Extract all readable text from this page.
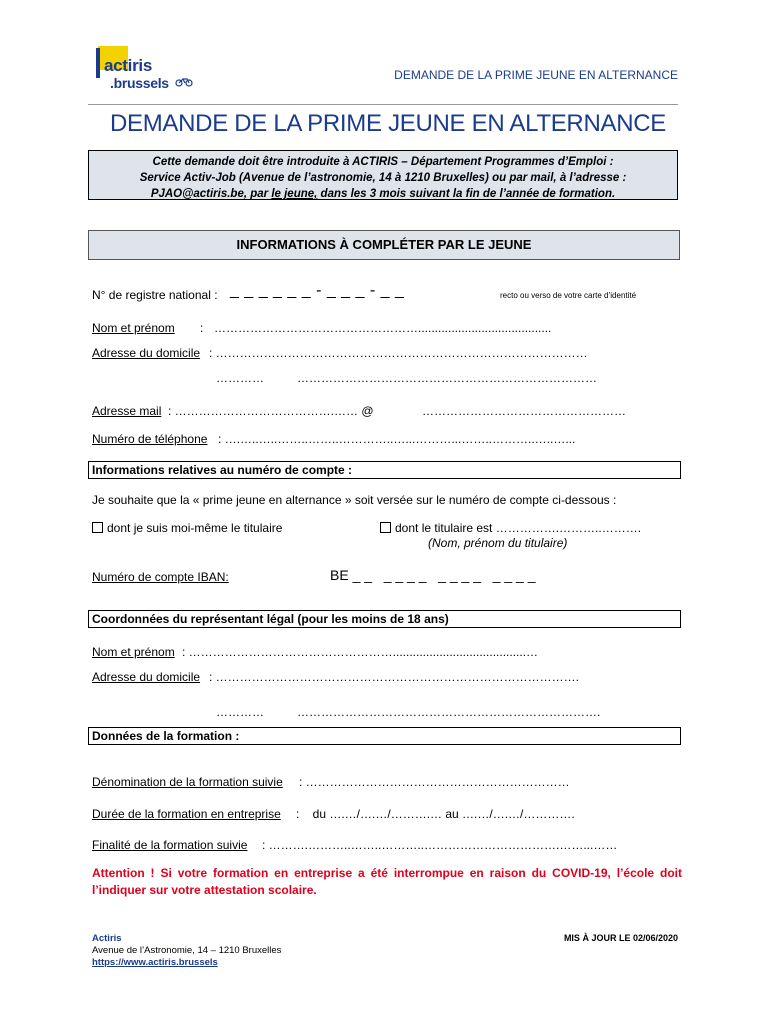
actiris
.brussels	DEMANDE DE LA PRIME JEUNE EN ALTERNANCE
DEMANDE DE LA PRIME JEUNE EN ALTERNANCE
Cette demande doit être introduite à ACTIRIS – Département Programmes d’Emploi :
Service Activ-Job (Avenue de l’astronomie, 14 à 1210 Bruxelles) ou par mail, à l’adresse :
PJAO@actiris.be, par le jeune, dans les 3 mois suivant la fin de l’année de formation.
INFORMATIONS À COMPLÉTER PAR LE JEUNE
N° de registre national : _ _ _ _ _ _ - _ _ _ - _ _	recto ou verso de votre carte d’identité
Nom et prénom : ……………………………………………........................................
Adresse du domicile : …………………………………………………………………………………
…………	…………………………………………………………………
Adresse mail : ………………………………….…… @	……………………………………………
Numéro de téléphone : ….…..…..……..……..…………..…...………...……..………..…..…...
Informations relatives au numéro de compte :
Je souhaite que la « prime jeune en alternance » soit versée sur le numéro de compte ci-dessous :
dont je suis moi-même le titulaire	dont le titulaire est …………….………..……….
(Nom, prénom du titulaire)
Numéro de compte IBAN:	BE _ _   _ _ _ _   _ _ _ _   _ _ _ _
Coordonnées du représentant légal (pour les moins de 18 ans)
Nom et prénom : ……………………………………………........................................…
Adresse du domicile : ……………………………………………………………………………….
…………	………………………………………………………………….
Données de la formation :
Dénomination de la formation suivie : …………………………………………………………
Durée de la formation en entreprise :    du ….…/….…/……….… au ….…/….…/………….
Finalité de la formation suivie : ……….………..……..………..…………………………….……...……
Attention ! Si votre formation en entreprise a été interrompue en raison du COVID-19, l’école doit l’indiquer sur votre attestation scolaire.
MIS À JOUR LE 02/06/2020
Actiris
Avenue de l’Astronomie, 14 – 1210 Bruxelles
https://www.actiris.brussels
